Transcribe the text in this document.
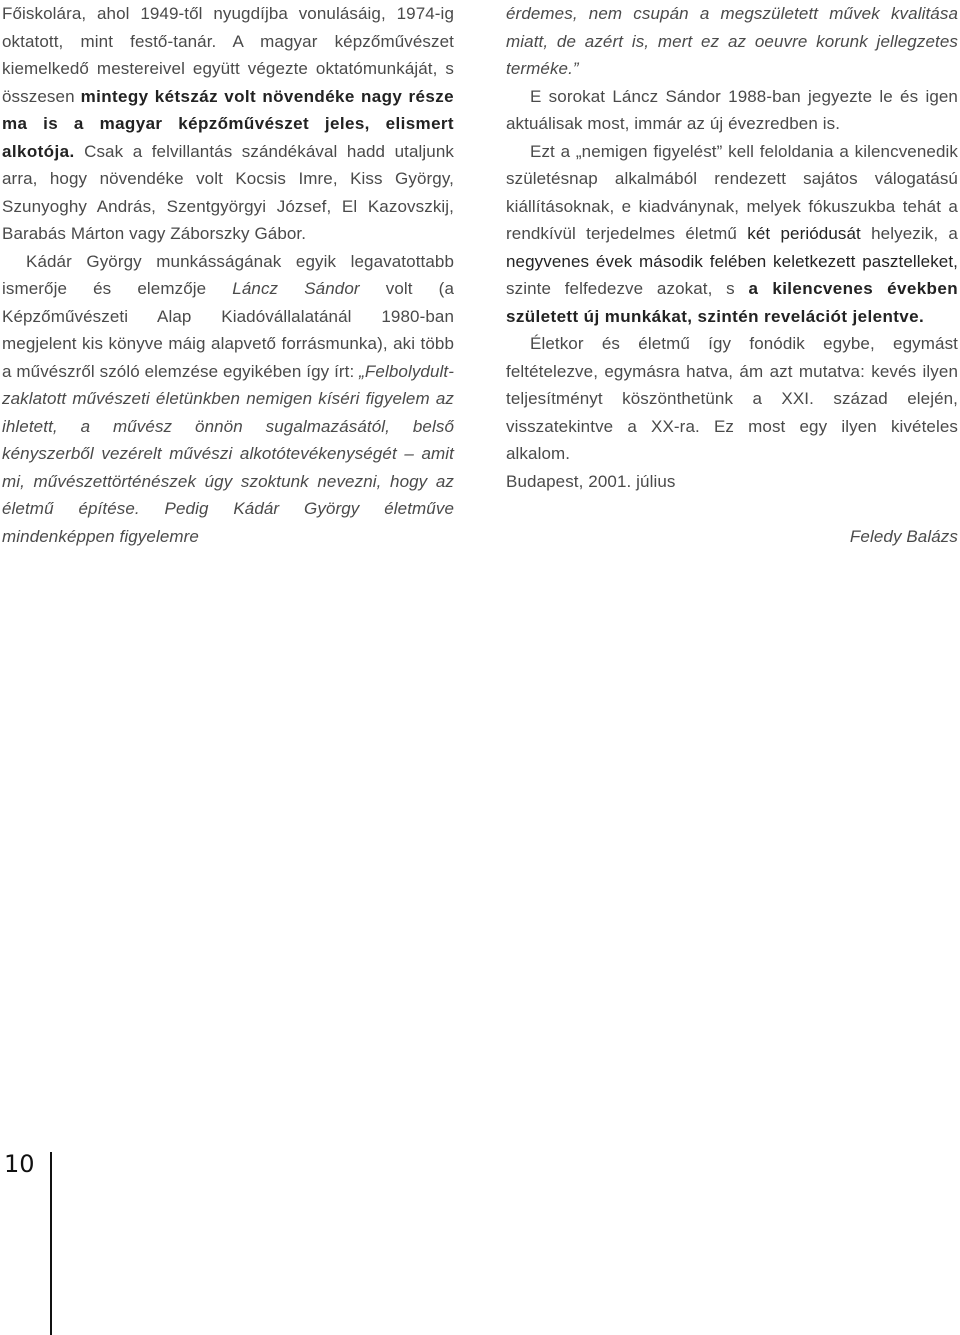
Főiskolára, ahol 1949-től nyugdíjba vonulásáig, 1974-ig oktatott, mint festő-tanár. A magyar képzőművészet kiemelkedő mestereivel együtt végezte oktatómunkáját, s összesen mintegy kétszáz volt növendéke nagy része ma is a magyar képzőművészet jeles, elismert alkotója. Csak a felvillantás szándékával hadd utaljunk arra, hogy növendéke volt Kocsis Imre, Kiss György, Szunyoghy András, Szentgyörgyi József, El Kazovszkij, Barabás Márton vagy Záborszky Gábor.

Kádár György munkásságának egyik legavatottabb ismerője és elemzője Láncz Sándor volt (a Képzőművészeti Alap Kiadóvállalatánál 1980-ban megjelent kis könyve máig alapvető forrásmunka), aki több a művészről szóló elemzése egyikében így írt: „Felbolydult-zaklatott művészeti életünkben nemigen kíséri figyelem az ihletett, a művész önnön sugalmazásától, belső kényszerből vezérelt művészi alkotótevékenységét – amit mi, művészettörténészek úgy szoktunk nevezni, hogy az életmű építése. Pedig Kádár György életműve mindenképpen figyelemre

érdemes, nem csupán a megszületett művek kvalitása miatt, de azért is, mert ez az oeuvre korunk jellegzetes terméke.”

E sorokat Láncz Sándor 1988-ban jegyezte le és igen aktuálisak most, immár az új évezredben is.

Ezt a „nemigen figyelést” kell feloldania a kilencvenedik születésnap alkalmából rendezett sajátos válogatású kiállításoknak, e kiadványnak, melyek fókuszukba tehát a rendkívül terjedelmes életmű két periódusát helyezik, a negyvenes évek második felében keletkezett pasztelleket, szinte felfedezve azokat, s a kilencvenes években született új munkákat, szintén revelációt jelentve.

Életkor és életmű így fonódik egybe, egymást feltételezve, egymásra hatva, ám azt mutatva: kevés ilyen teljesítményt köszönthetünk a XXI. század elején, visszatekintve a XX-ra. Ez most egy ilyen kivételes alkalom.

Budapest, 2001. július

Feledy Balázs

10
